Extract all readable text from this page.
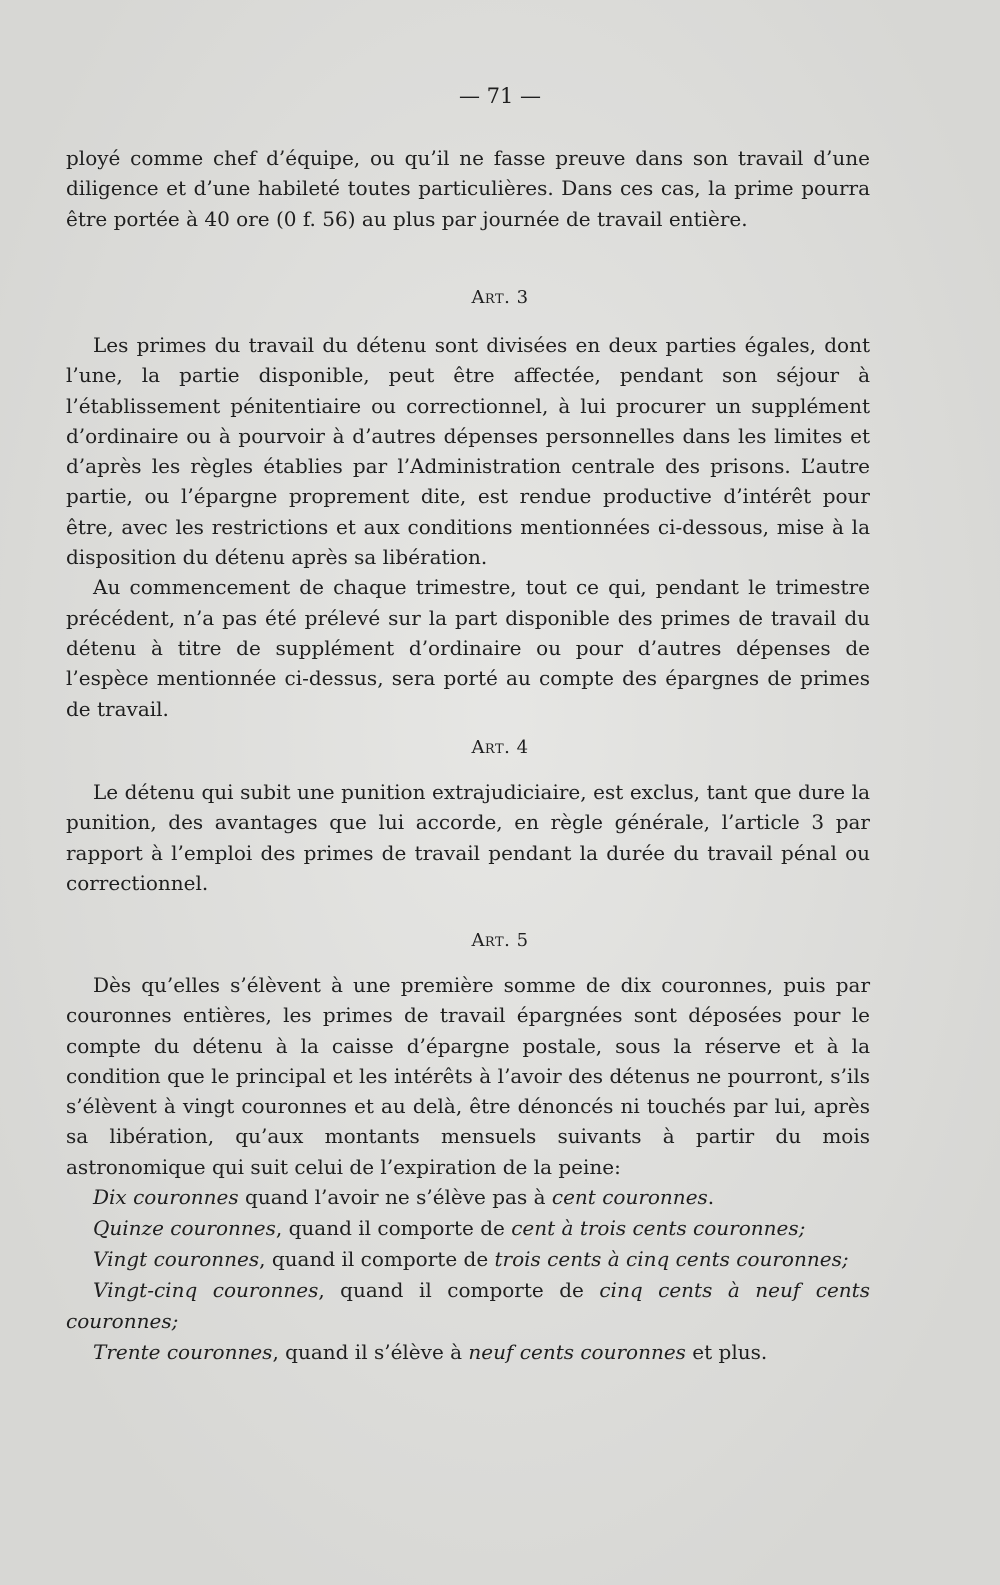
— 71 —

ployé comme chef d’équipe, ou qu’il ne fasse preuve dans son travail d’une diligence et d’une habileté toutes particulières. Dans ces cas, la prime pourra être portée à 40 ore (0 f. 56) au plus par journée de travail entière.

Art. 3

Les primes du travail du détenu sont divisées en deux parties égales, dont l’une, la partie disponible, peut être affectée, pendant son séjour à l’établissement pénitentiaire ou correctionnel, à lui procurer un supplément d’ordinaire ou à pourvoir à d’autres dépenses personnelles dans les limites et d’après les règles établies par l’Administration centrale des prisons. L’autre partie, ou l’épargne proprement dite, est rendue productive d’intérêt pour être, avec les restrictions et aux conditions mentionnées ci-dessous, mise à la disposition du détenu après sa libération.

Au commencement de chaque trimestre, tout ce qui, pendant le trimestre précédent, n’a pas été prélevé sur la part disponible des primes de travail du détenu à titre de supplément d’ordinaire ou pour d’autres dépenses de l’espèce mentionnée ci-dessus, sera porté au compte des épargnes de primes de travail.

Art. 4

Le détenu qui subit une punition extrajudiciaire, est exclus, tant que dure la punition, des avantages que lui accorde, en règle générale, l’article 3 par rapport à l’emploi des primes de travail pendant la durée du travail pénal ou correctionnel.

Art. 5

Dès qu’elles s’élèvent à une première somme de dix couronnes, puis par couronnes entières, les primes de travail épargnées sont déposées pour le compte du détenu à la caisse d’épargne postale, sous la réserve et à la condition que le principal et les intérêts à l’avoir des détenus ne pourront, s’ils s’élèvent à vingt couronnes et au delà, être dénoncés ni touchés par lui, après sa libération, qu’aux montants mensuels suivants à partir du mois astronomique qui suit celui de l’expiration de la peine:

Dix couronnes quand l’avoir ne s’élève pas à cent couronnes.

Quinze couronnes, quand il comporte de cent à trois cents couronnes;

Vingt couronnes, quand il comporte de trois cents à cinq cents couronnes;

Vingt-cinq couronnes, quand il comporte de cinq cents à neuf cents couronnes;

Trente couronnes, quand il s’élève à neuf cents couronnes et plus.
